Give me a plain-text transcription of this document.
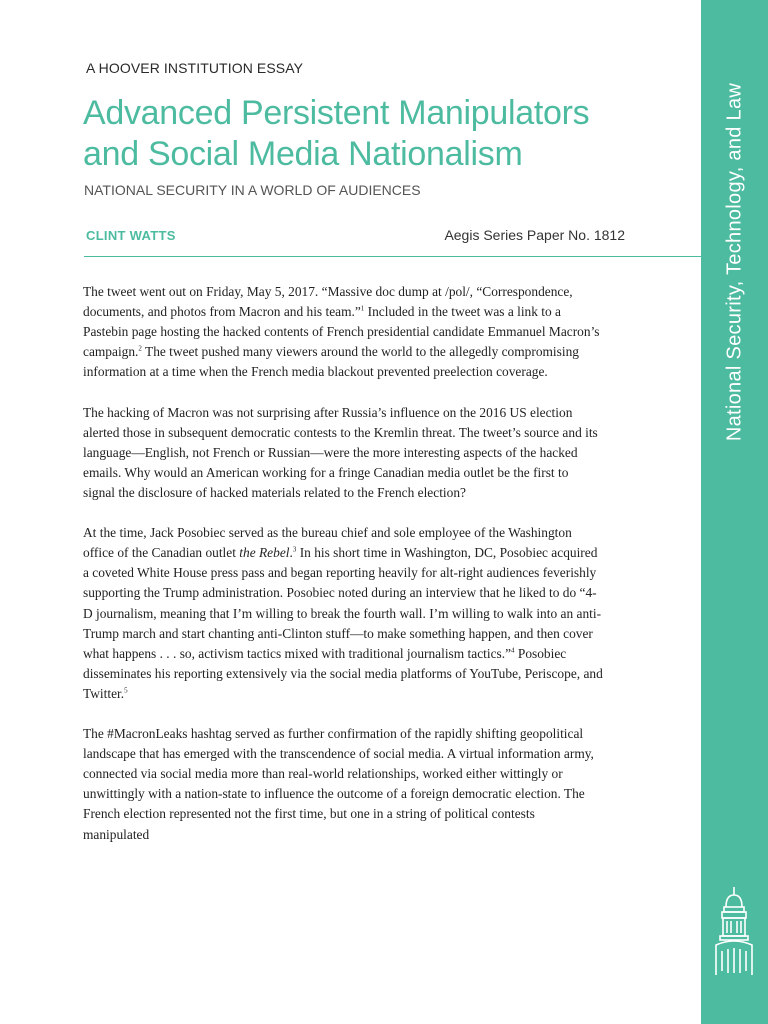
National Security, Technology, and Law
A HOOVER INSTITUTION ESSAY
Advanced Persistent Manipulators
and Social Media Nationalism
NATIONAL SECURITY IN A WORLD OF AUDIENCES
CLINT WATTS	Aegis Series Paper No. 1812

The tweet went out on Friday, May 5, 2017. “Massive doc dump at /pol/, “Correspondence, documents, and photos from Macron and his team.”$^1$ Included in the tweet was a link to a Pastebin page hosting the hacked contents of French presidential candidate Emmanuel Macron’s campaign.$^2$ The tweet pushed many viewers around the world to the allegedly compromising information at a time when the French media blackout prevented preelection coverage.

The hacking of Macron was not surprising after Russia’s influence on the 2016 US election alerted those in subsequent democratic contests to the Kremlin threat. The tweet’s source and its language—English, not French or Russian—were the more interesting aspects of the hacked emails. Why would an American working for a fringe Canadian media outlet be the first to signal the disclosure of hacked materials related to the French election?

At the time, Jack Posobiec served as the bureau chief and sole employee of the Washington office of the Canadian outlet the Rebel.$^3$ In his short time in Washington, DC, Posobiec acquired a coveted White House press pass and began reporting heavily for alt-right audiences feverishly supporting the Trump administration. Posobiec noted during an interview that he liked to do “4-D journalism, meaning that I’m willing to break the fourth wall. I’m willing to walk into an anti-Trump march and start chanting anti-Clinton stuff—to make something happen, and then cover what happens . . . so, activism tactics mixed with traditional journalism tactics.”$^4$ Posobiec disseminates his reporting extensively via the social media platforms of YouTube, Periscope, and Twitter.$^5$

The #MacronLeaks hashtag served as further confirmation of the rapidly shifting geopolitical landscape that has emerged with the transcendence of social media. A virtual information army, connected via social media more than real-world relationships, worked either wittingly or unwittingly with a nation-state to influence the outcome of a foreign democratic election. The French election represented not the first time, but one in a string of political contests manipulated
